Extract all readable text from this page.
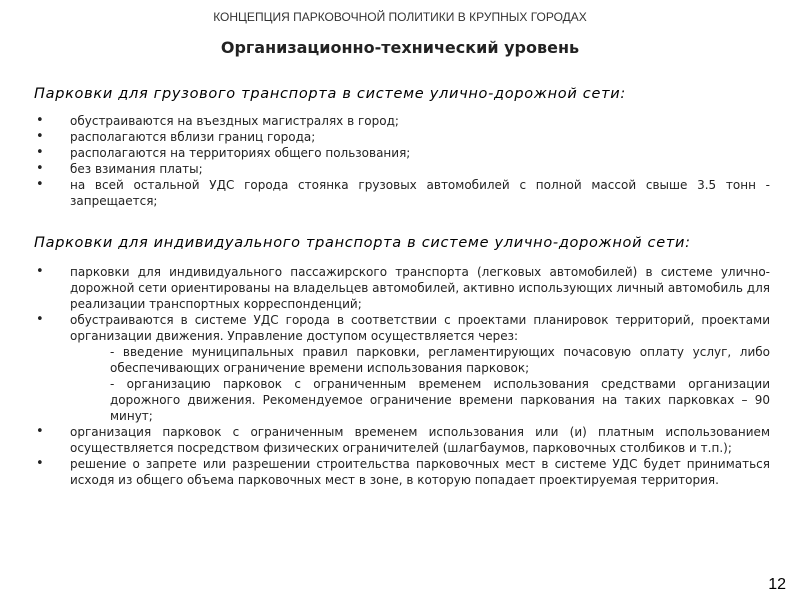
КОНЦЕПЦИЯ ПАРКОВОЧНОЙ ПОЛИТИКИ В КРУПНЫХ ГОРОДАХ
Организационно-технический уровень
Парковки для грузового транспорта в системе улично-дорожной сети:
• обустраиваются на въездных магистралях в город;
• располагаются вблизи границ города;
• располагаются на территориях общего пользования;
• без взимания платы;
• на всей остальной УДС города стоянка грузовых автомобилей с полной массой свыше 3.5 тонн - запрещается;
Парковки для индивидуального транспорта в системе улично-дорожной сети:
• парковки для индивидуального пассажирского транспорта (легковых автомобилей) в системе улично-дорожной сети ориентированы на владельцев автомобилей, активно использующих личный автомобиль для реализации транспортных корреспонденций;
• обустраиваются в системе УДС города в соответствии с проектами планировок территорий, проектами организации движения. Управление доступом осуществляется через:
- введение муниципальных правил парковки, регламентирующих почасовую оплату услуг, либо обеспечивающих ограничение времени использования парковок;
- организацию парковок с ограниченным временем использования средствами организации дорожного движения. Рекомендуемое ограничение времени паркования на таких парковках – 90 минут;
• организация парковок с ограниченным временем использования или (и) платным использованием осуществляется посредством физических ограничителей (шлагбаумов, парковочных столбиков и т.п.);
• решение о запрете или разрешении строительства парковочных мест в системе УДС будет приниматься исходя из общего объема парковочных мест в зоне, в которую попадает проектируемая территория.
12
